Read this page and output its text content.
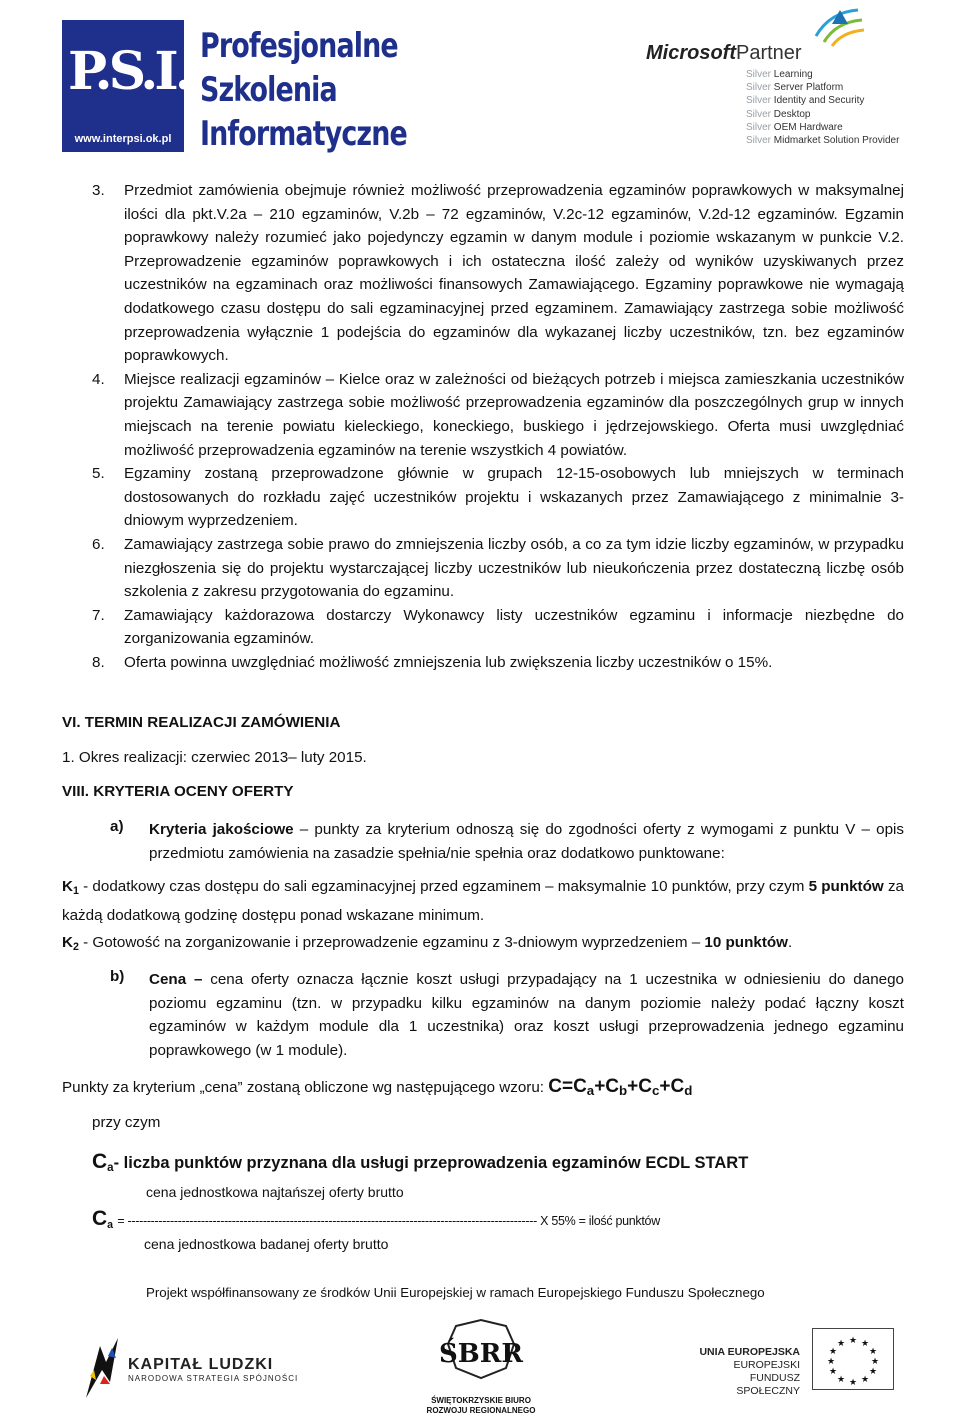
P.S.I.
www.interpsi.ok.pl
Profesjonalne
Szkolenia
Informatyczne
MicrosoftPartner
Silver Learning
Silver Server Platform
Silver Identity and Security
Silver Desktop
Silver OEM Hardware
Silver Midmarket Solution Provider
3. Przedmiot zamówienia obejmuje również możliwość przeprowadzenia egzaminów poprawkowych w maksymalnej ilości dla pkt.V.2a – 210 egzaminów, V.2b – 72 egzaminów, V.2c-12 egzaminów, V.2d-12 egzaminów. Egzamin poprawkowy należy rozumieć jako pojedynczy egzamin w danym module i poziomie wskazanym w punkcie V.2. Przeprowadzenie egzaminów poprawkowych i ich ostateczna ilość zależy od wyników uzyskiwanych przez uczestników na egzaminach oraz możliwości finansowych Zamawiającego. Egzaminy poprawkowe nie wymagają dodatkowego czasu dostępu do sali egzaminacyjnej przed egzaminem. Zamawiający zastrzega sobie możliwość przeprowadzenia wyłącznie 1 podejścia do egzaminów dla wykazanej liczby uczestników, tzn. bez egzaminów poprawkowych.
4. Miejsce realizacji egzaminów – Kielce oraz w zależności od bieżących potrzeb i miejsca zamieszkania uczestników projektu Zamawiający zastrzega sobie możliwość przeprowadzenia egzaminów dla poszczególnych grup w innych miejscach na terenie powiatu kieleckiego, koneckiego, buskiego i jędrzejowskiego. Oferta musi uwzględniać możliwość przeprowadzenia egzaminów na terenie wszystkich 4 powiatów.
5. Egzaminy zostaną przeprowadzone głównie w grupach 12-15-osobowych lub mniejszych w terminach dostosowanych do rozkładu zajęć uczestników projektu i wskazanych przez Zamawiającego z minimalnie 3-dniowym wyprzedzeniem.
6. Zamawiający zastrzega sobie prawo do zmniejszenia liczby osób, a co za tym idzie liczby egzaminów, w przypadku niezgłoszenia się do projektu wystarczającej liczby uczestników lub nieukończenia przez dostateczną liczbę osób szkolenia z zakresu przygotowania do egzaminu.
7. Zamawiający każdorazowa dostarczy Wykonawcy listy uczestników egzaminu i informacje niezbędne do zorganizowania egzaminów.
8. Oferta powinna uwzględniać możliwość zmniejszenia lub zwiększenia liczby uczestników o 15%.
VI. TERMIN REALIZACJI ZAMÓWIENIA
1. Okres realizacji: czerwiec 2013– luty 2015.
VIII. KRYTERIA OCENY OFERTY
a) Kryteria jakościowe – punkty za kryterium odnoszą się do zgodności oferty z wymogami z punktu V – opis przedmiotu zamówienia na zasadzie spełnia/nie spełnia oraz dodatkowo punktowane:
$K_1$ - dodatkowy czas dostępu do sali egzaminacyjnej przed egzaminem – maksymalnie 10 punktów, przy czym 5 punktów za każdą dodatkową godzinę dostępu ponad wskazane minimum.
$K_2$ - Gotowość na zorganizowanie i przeprowadzenie egzaminu z 3-dniowym wyprzedzeniem – 10 punktów.
b) Cena – cena oferty oznacza łącznie koszt usługi przypadający na 1 uczestnika w odniesieniu do danego poziomu egzaminu (tzn. w przypadku kilku egzaminów na danym poziomie należy podać łączny koszt egzaminów w każdym module dla 1 uczestnika) oraz koszt usługi przeprowadzenia jednego egzaminu poprawkowego (w 1 module).
Punkty za kryterium „cena” zostaną obliczone wg następującego wzoru: $C=C_a+C_b+C_c+C_d$
przy czym
$C_a-$ liczba punktów przyznana dla usługi przeprowadzenia egzaminów ECDL START
cena jednostkowa najtańszej oferty brutto
$C_a$ = ---------------------------------------------------------------------------------------------------------- X 55% = ilość punktów
cena jednostkowa badanej oferty brutto
Projekt współfinansowany ze środków Unii Europejskiej w ramach Europejskiego Funduszu Społecznego
KAPITAŁ LUDZKI
NARODOWA STRATEGIA SPÓJNOŚCI
ŚBRR
ŚWIĘTOKRZYSKIE BIURO
ROZWOJU REGIONALNEGO
UNIA EUROPEJSKA
EUROPEJSKI
FUNDUSZ SPOŁECZNY
★ ★
★
★
★
★
★
★
★
★
★
★
